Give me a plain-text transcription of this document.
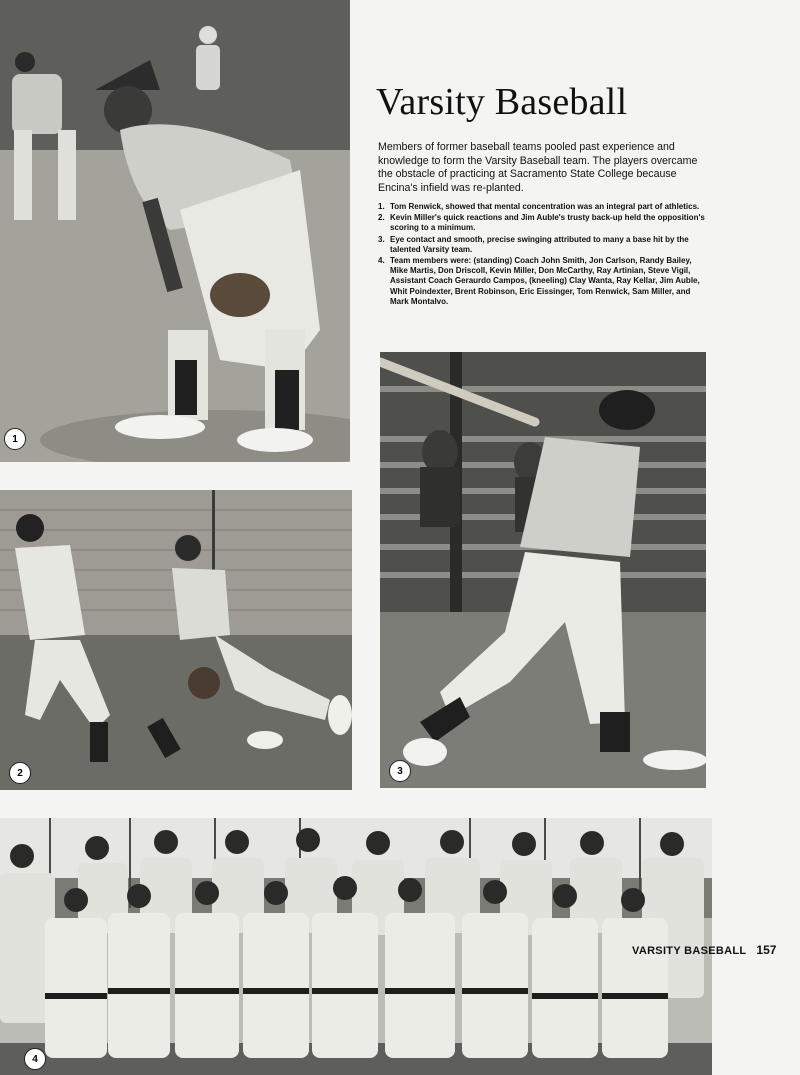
1
2	3
4
Varsity Baseball

Members of former baseball teams pooled past experience and knowledge to form the Varsity Baseball team. The players overcame the obstacle of practicing at Sacramento State College because Encina's infield was re-planted.

1. Tom Renwick, showed that mental concentration was an integral part of athletics.
2. Kevin Miller's quick reactions and Jim Auble's trusty back-up held the opposition's scoring to a minimum.
3. Eye contact and smooth, precise swinging attributed to many a base hit by the talented Varsity team.
4. Team members were: (standing) Coach John Smith, Jon Carlson, Randy Bailey, Mike Martis, Don Driscoll, Kevin Miller, Don McCarthy, Ray Artinian, Steve Vigil, Assistant Coach Geraurdo Campos, (kneeling) Clay Wanta, Ray Kellar, Jim Auble, Whit Poindexter, Brent Robinson, Eric Eissinger, Tom Renwick, Sam Miller, and Mark Montalvo.
VARSITY BASEBALL 157
